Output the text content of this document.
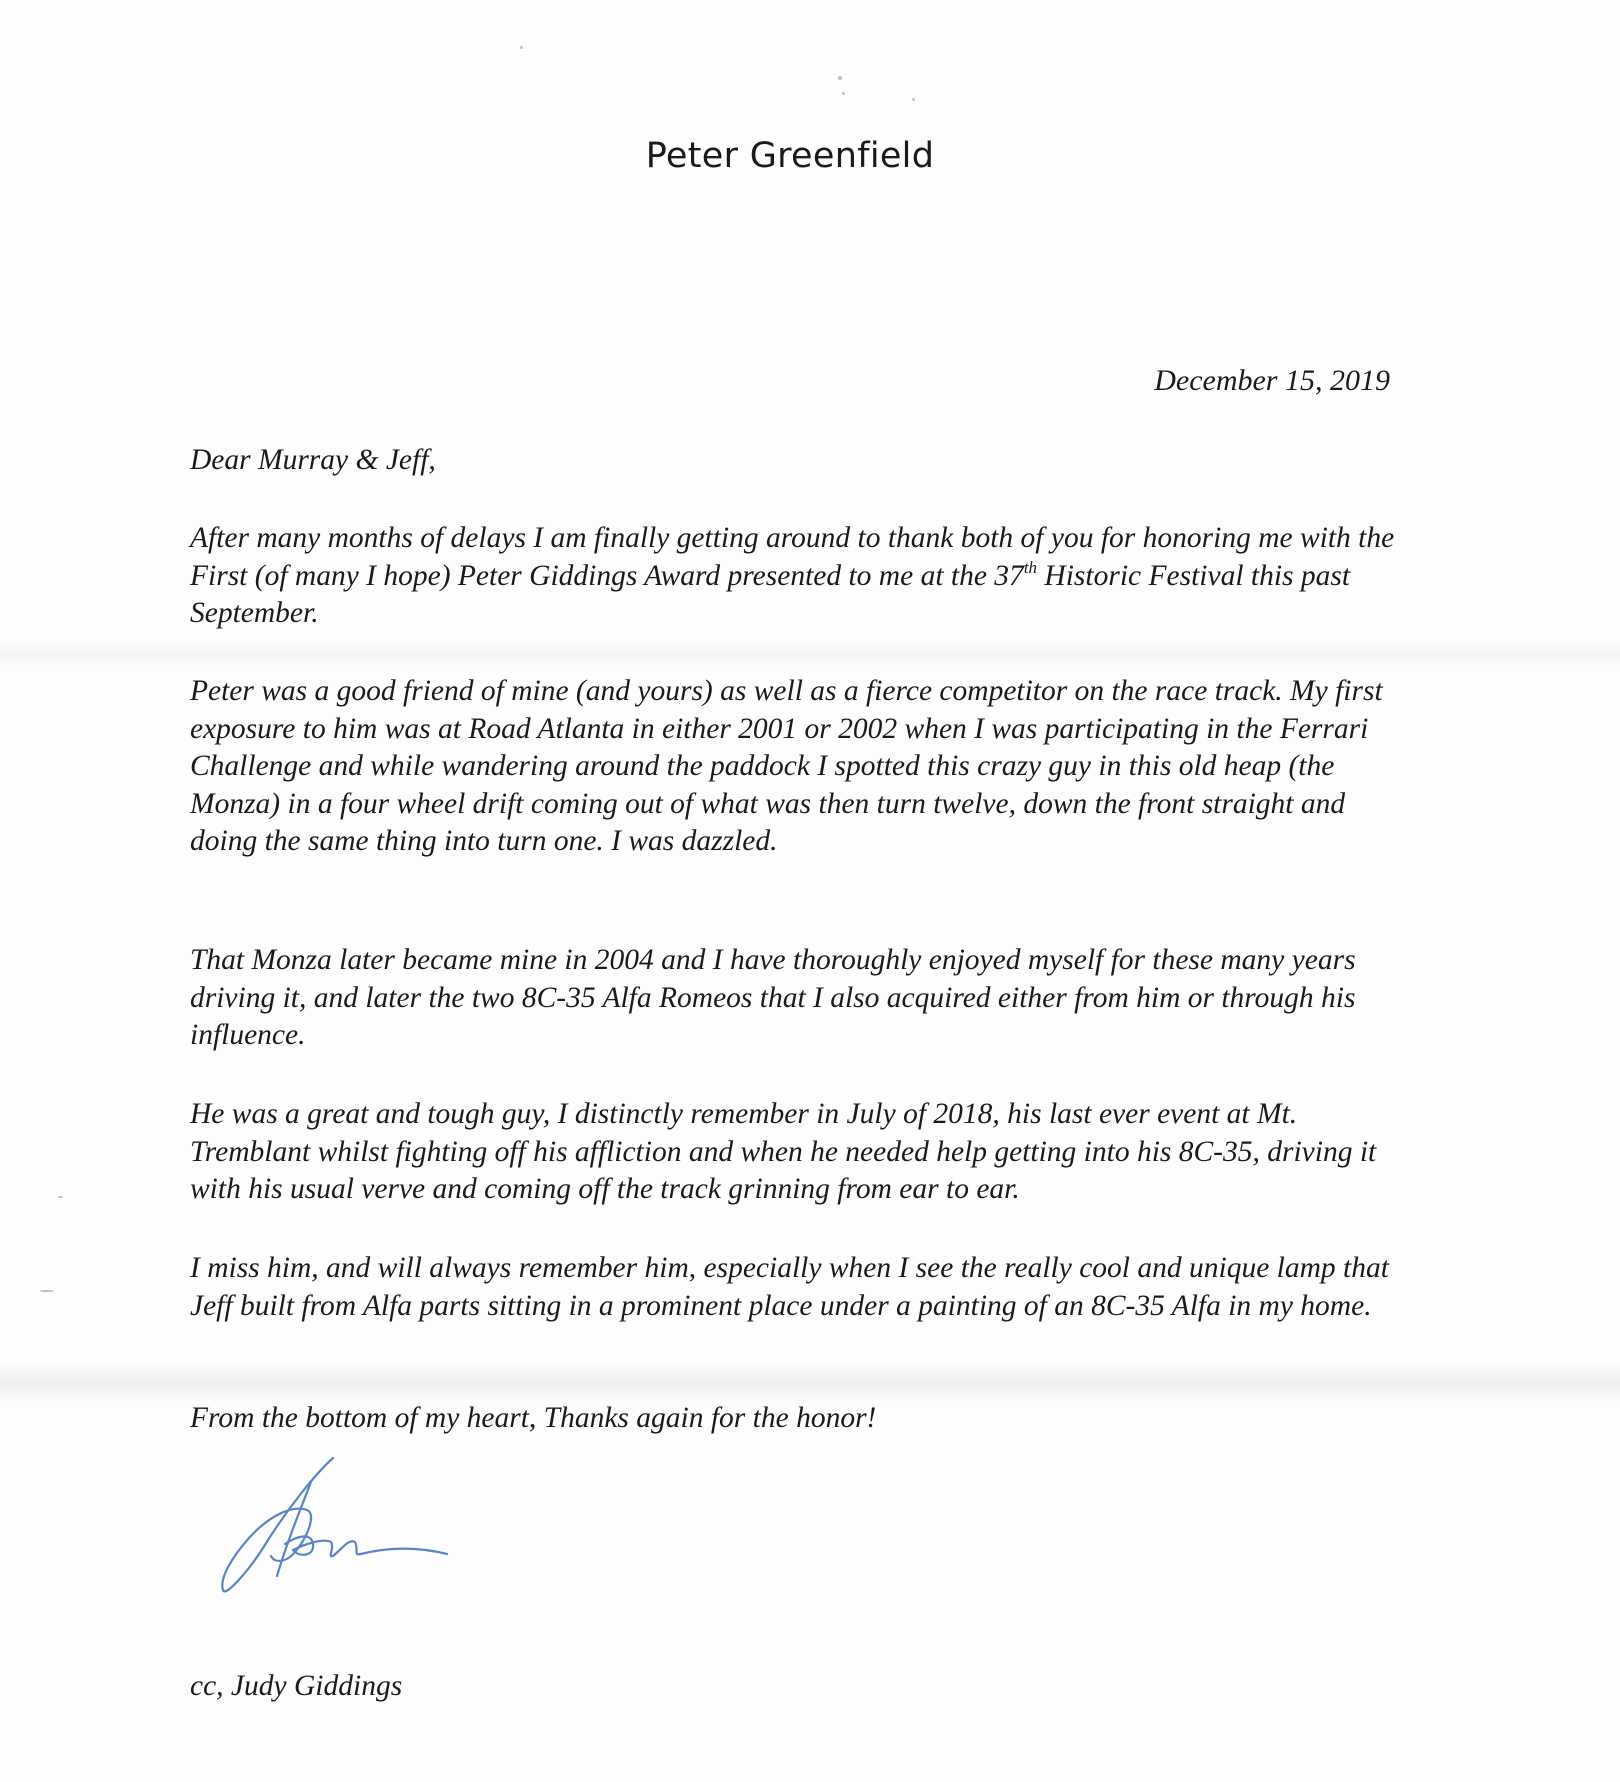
Peter Greenfield
December 15, 2019

Dear Murray & Jeff,

After many months of delays I am finally getting around to thank both of you for honoring me with the First (of many I hope) Peter Giddings Award presented to me at the 37th Historic Festival this past September.

Peter was a good friend of mine (and yours) as well as a fierce competitor on the race track. My first exposure to him was at Road Atlanta in either 2001 or 2002 when I was participating in the Ferrari Challenge and while wandering around the paddock I spotted this crazy guy in this old heap (the Monza) in a four wheel drift coming out of what was then turn twelve, down the front straight and doing the same thing into turn one. I was dazzled.

That Monza later became mine in 2004 and I have thoroughly enjoyed myself for these many years driving it, and later the two 8C-35 Alfa Romeos that I also acquired either from him or through his influence.

He was a great and tough guy, I distinctly remember in July of 2018, his last ever event at Mt. Tremblant whilst fighting off his affliction and when he needed help getting into his 8C-35, driving it with his usual verve and coming off the track grinning from ear to ear.

I miss him, and will always remember him, especially when I see the really cool and unique lamp that Jeff built from Alfa parts sitting in a prominent place under a painting of an 8C-35 Alfa in my home.

From the bottom of my heart, Thanks again for the honor!

cc, Judy Giddings
